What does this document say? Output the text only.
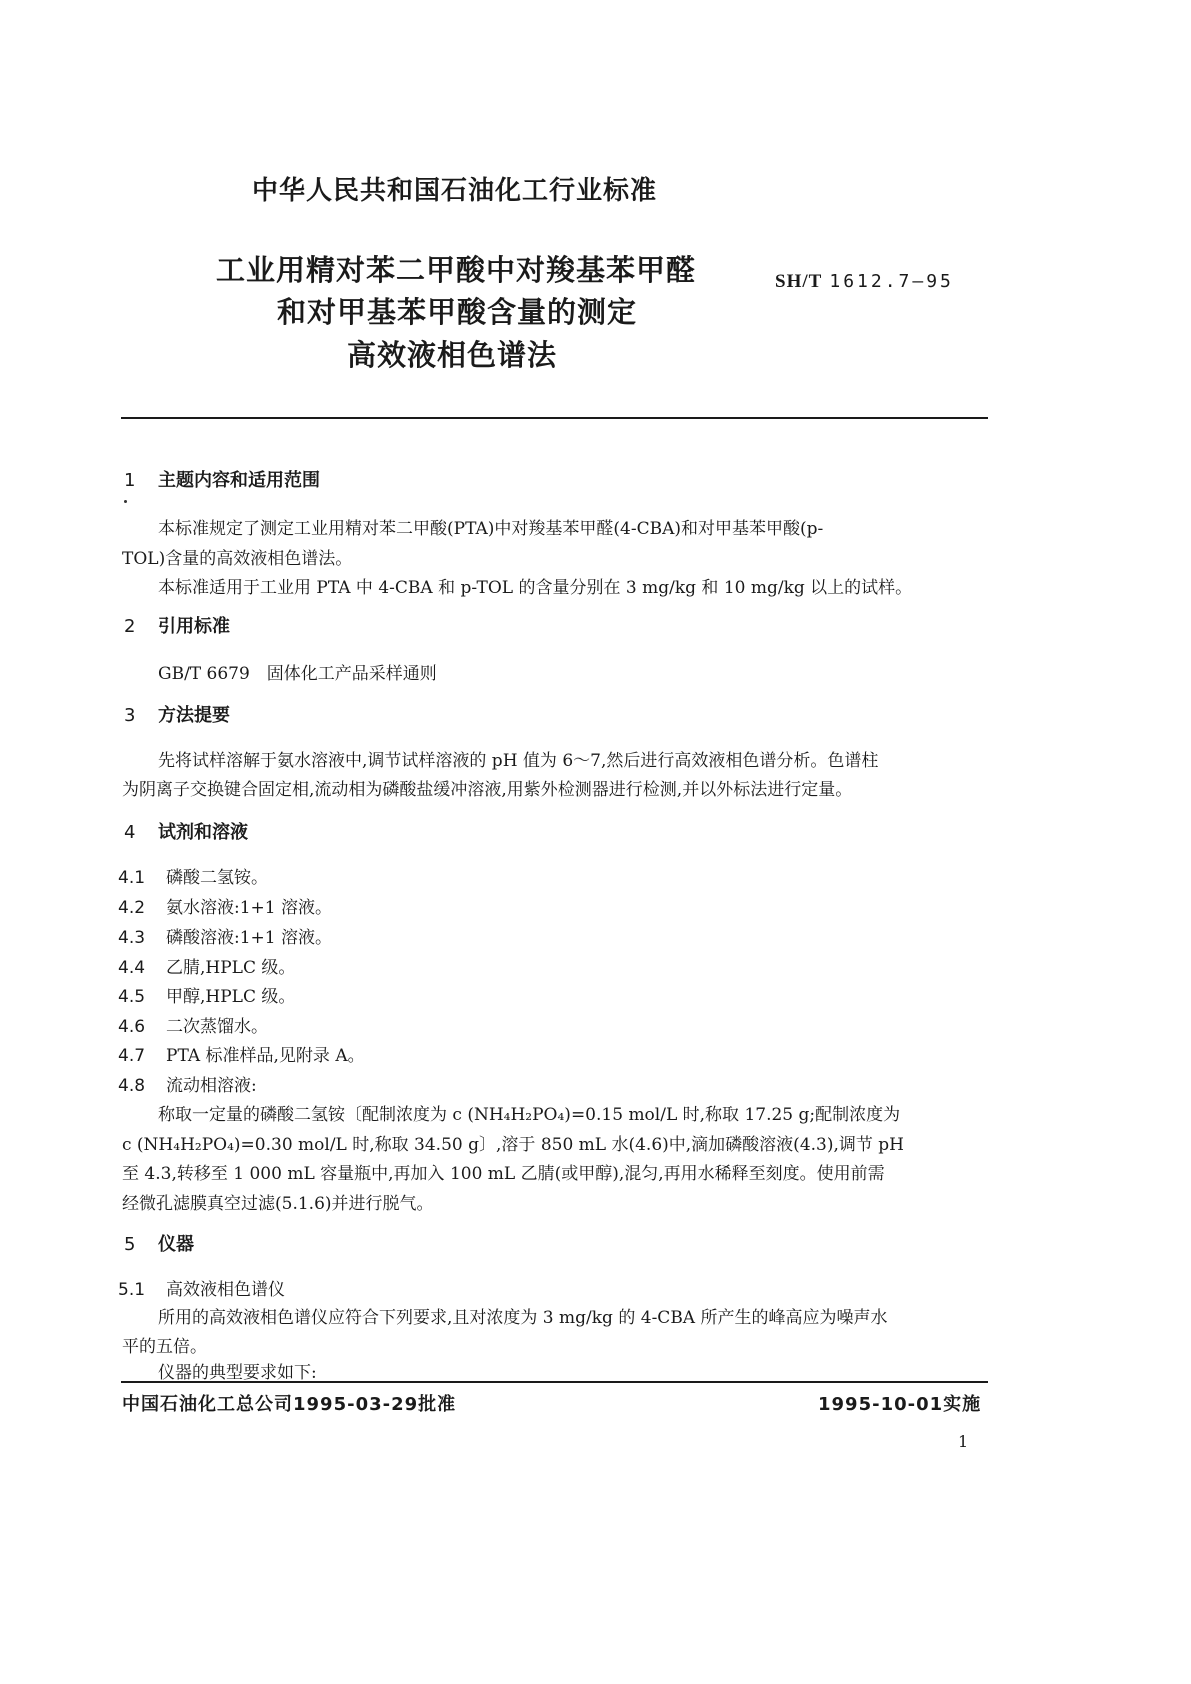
中华人民共和国石油化工行业标准
工业用精对苯二甲酸中对羧基苯甲醛
和对甲基苯甲酸含量的测定
高效液相色谱法
SH/T 1612.7—95
1 主题内容和适用范围
本标准规定了测定工业用精对苯二甲酸(PTA)中对羧基苯甲醛(4-CBA)和对甲基苯甲酸(p-
TOL)含量的高效液相色谱法。
本标准适用于工业用 PTA 中 4-CBA 和 p-TOL 的含量分别在 3 mg/kg 和 10 mg/kg 以上的试样。
2 引用标准
GB/T 6679　固体化工产品采样通则
3 方法提要
先将试样溶解于氨水溶液中,调节试样溶液的 pH 值为 6～7,然后进行高效液相色谱分析。色谱柱
为阴离子交换键合固定相,流动相为磷酸盐缓冲溶液,用紫外检测器进行检测,并以外标法进行定量。
4 试剂和溶液
4.1 磷酸二氢铵。
4.2 氨水溶液:1+1 溶液。
4.3 磷酸溶液:1+1 溶液。
4.4 乙腈,HPLC 级。
4.5 甲醇,HPLC 级。
4.6 二次蒸馏水。
4.7 PTA 标准样品,见附录 A。
4.8 流动相溶液:
称取一定量的磷酸二氢铵〔配制浓度为 c (NH₄H₂PO₄)=0.15 mol/L 时,称取 17.25 g;配制浓度为
c (NH₄H₂PO₄)=0.30 mol/L 时,称取 34.50 g〕,溶于 850 mL 水(4.6)中,滴加磷酸溶液(4.3),调节 pH
至 4.3,转移至 1 000 mL 容量瓶中,再加入 100 mL 乙腈(或甲醇),混匀,再用水稀释至刻度。使用前需
经微孔滤膜真空过滤(5.1.6)并进行脱气。
5 仪器
5.1 高效液相色谱仪
所用的高效液相色谱仪应符合下列要求,且对浓度为 3 mg/kg 的 4-CBA 所产生的峰高应为噪声水
平的五倍。
仪器的典型要求如下:
中国石油化工总公司1995-03-29批准	1995-10-01实施
1
